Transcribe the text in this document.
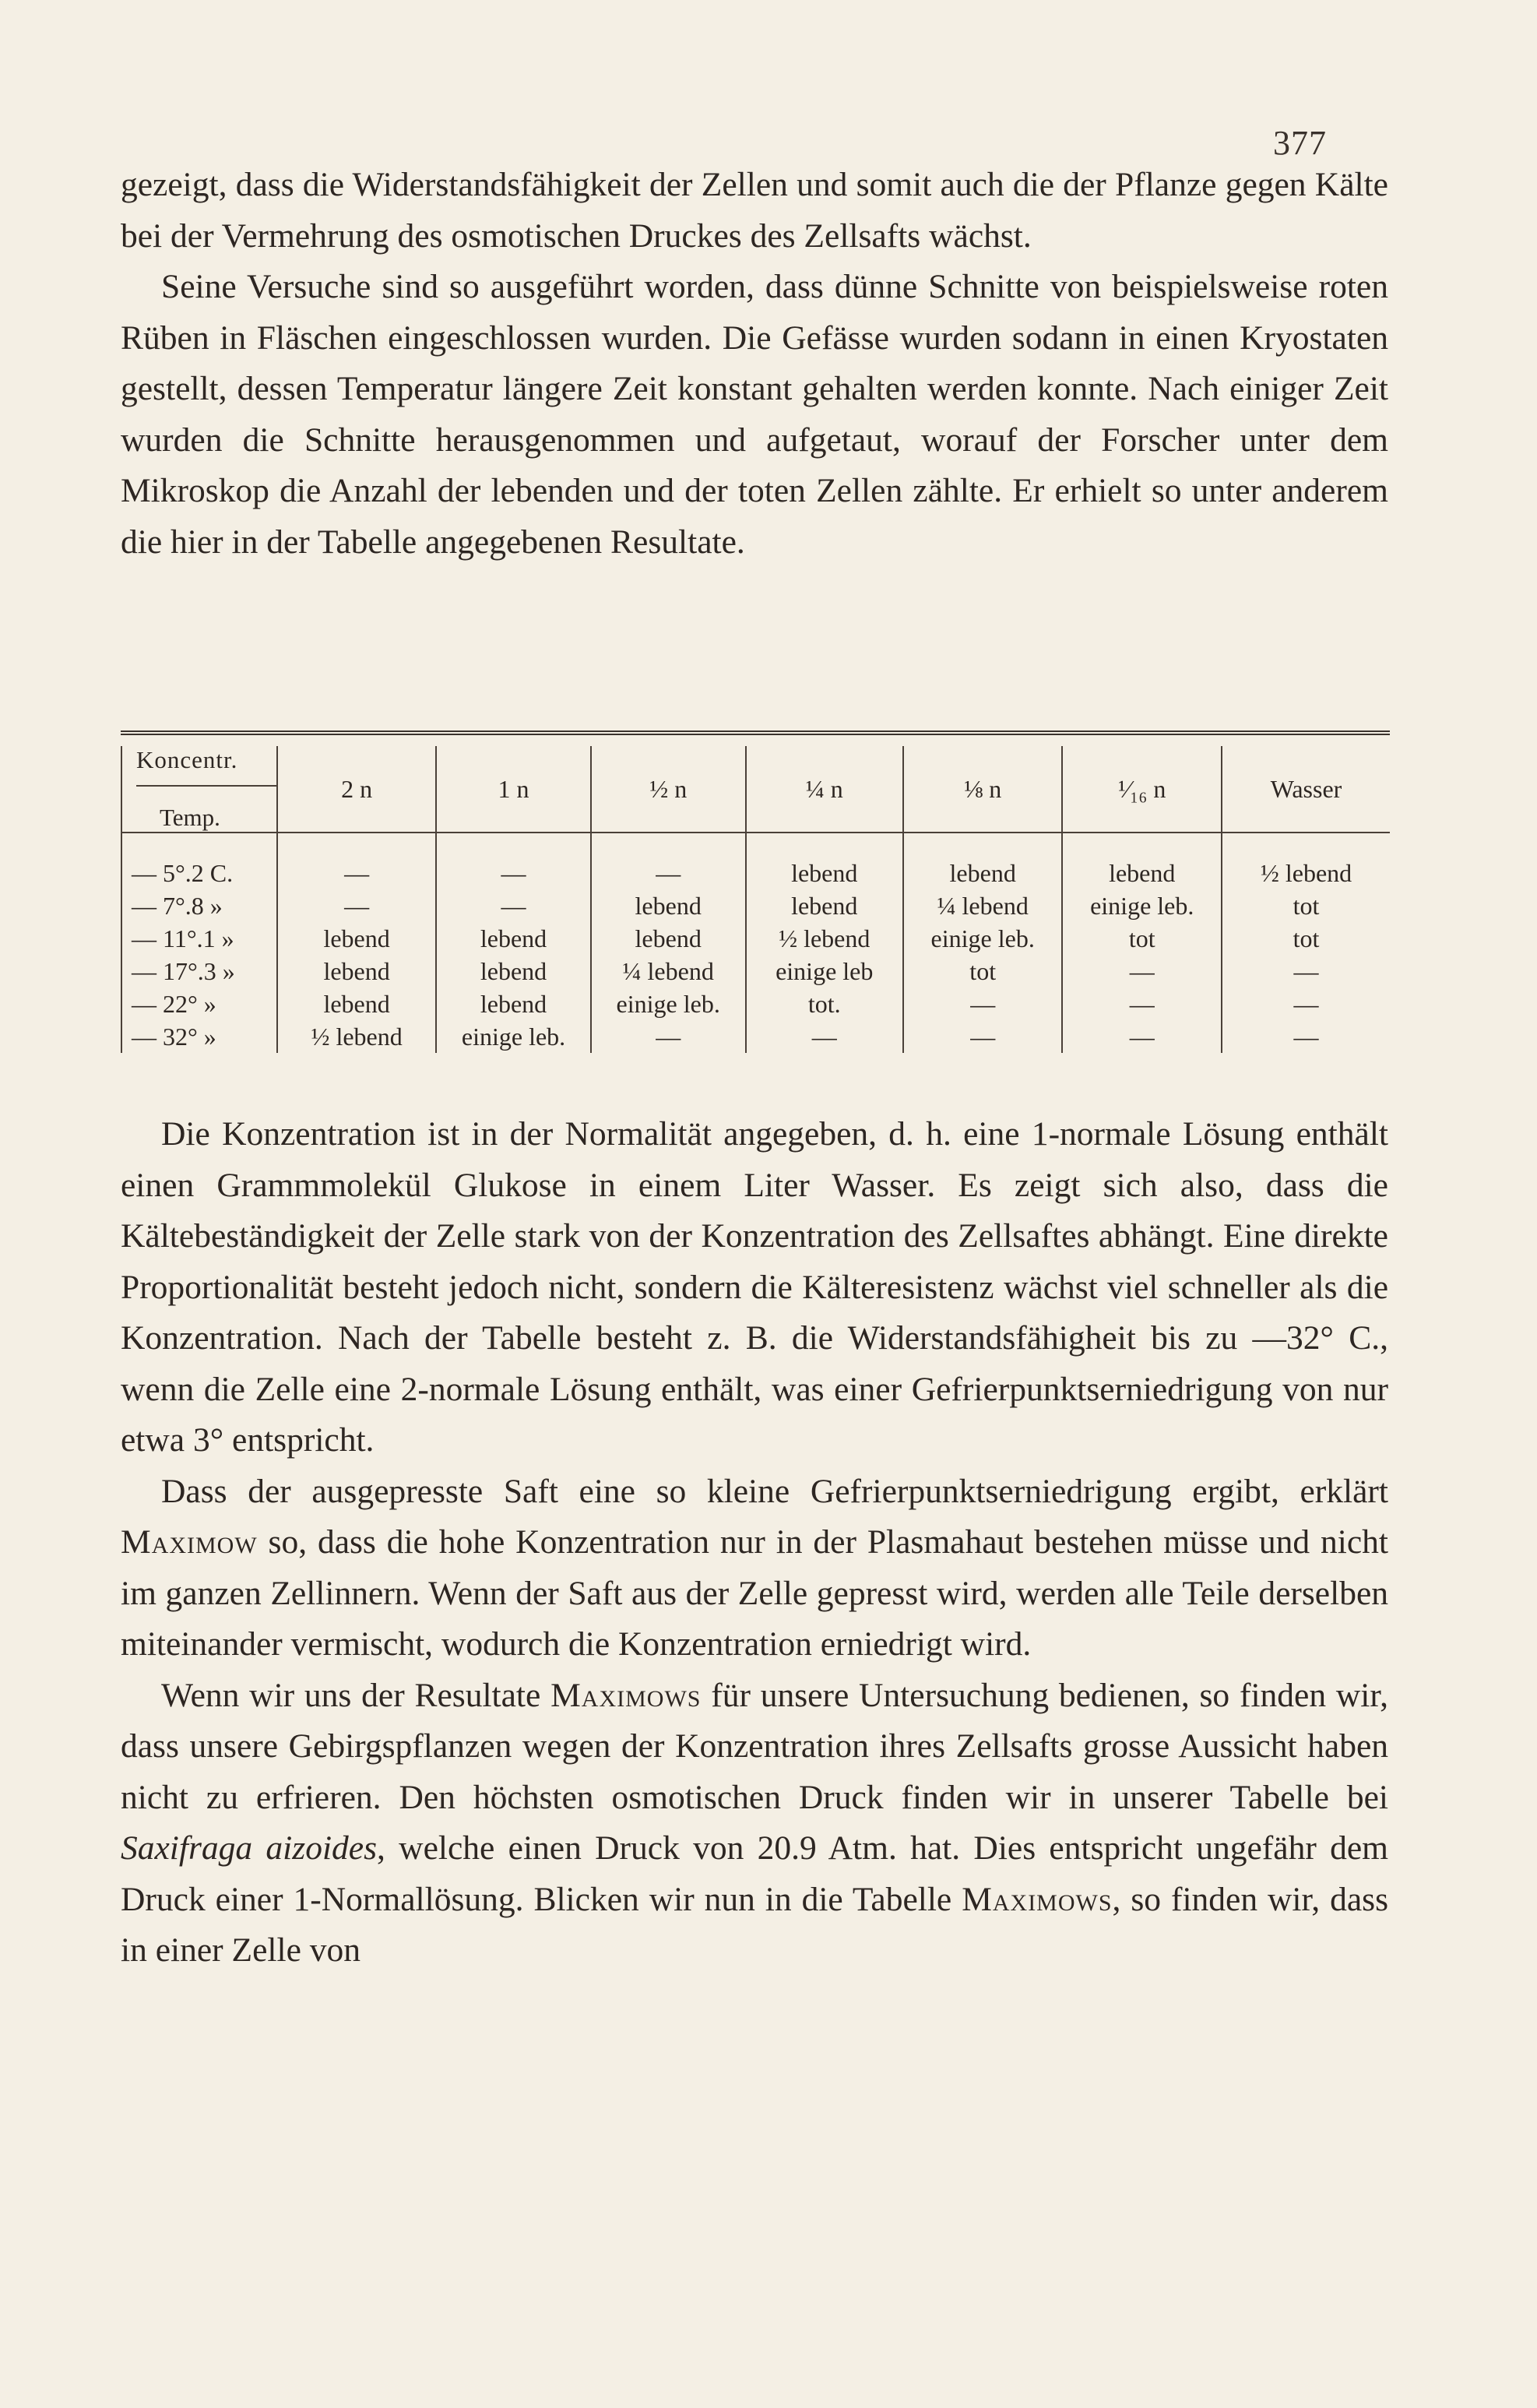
377

gezeigt, dass die Widerstandsfähigkeit der Zellen und somit auch die der Pflanze gegen Kälte bei der Vermehrung des osmotischen Druckes des Zellsafts wächst.

Seine Versuche sind so ausgeführt worden, dass dünne Schnitte von beispielsweise roten Rüben in Fläschen eingeschlossen wurden. Die Gefässe wurden sodann in einen Kryostaten gestellt, dessen Temperatur längere Zeit konstant gehalten werden konnte. Nach einiger Zeit wurden die Schnitte herausgenommen und aufgetaut, worauf der Forscher unter dem Mikroskop die Anzahl der lebenden und der toten Zellen zählte. Er erhielt so unter anderem die hier in der Tabelle angegebenen Resultate.

Koncentr.
Temp.	2 n	1 n	½ n	¼ n	⅛ n	¹⁄₁₆ n	Wasser

— 5°.2 C.	—	—	—	lebend	lebend	lebend	½ lebend
— 7°.8 »	—	—	lebend	lebend	¼ lebend	einige leb.	tot
— 11°.1 »	lebend	lebend	lebend	½ lebend	einige leb.	tot	tot
— 17°.3 »	lebend	lebend	¼ lebend	einige leb	tot	—	—
— 22° »	lebend	lebend	einige leb.	tot.	—	—	—
— 32° »	½ lebend	einige leb.	—	—	—	—	—

Die Konzentration ist in der Normalität angegeben, d. h. eine 1-normale Lösung enthält einen Grammmolekül Glukose in einem Liter Wasser. Es zeigt sich also, dass die Kältebeständigkeit der Zelle stark von der Konzentration des Zellsaftes abhängt. Eine direkte Proportionalität besteht jedoch nicht, sondern die Kälteresistenz wächst viel schneller als die Konzentration. Nach der Tabelle besteht z. B. die Widerstandsfähigheit bis zu —32° C., wenn die Zelle eine 2-normale Lösung enthält, was einer Gefrierpunktserniedrigung von nur etwa 3° entspricht.

Dass der ausgepresste Saft eine so kleine Gefrierpunktserniedrigung ergibt, erklärt Maximow so, dass die hohe Konzentration nur in der Plasmahaut bestehen müsse und nicht im ganzen Zellinnern. Wenn der Saft aus der Zelle gepresst wird, werden alle Teile derselben miteinander vermischt, wodurch die Konzentration erniedrigt wird.

Wenn wir uns der Resultate Maximows für unsere Untersuchung bedienen, so finden wir, dass unsere Gebirgspflanzen wegen der Konzentration ihres Zellsafts grosse Aussicht haben nicht zu erfrieren. Den höchsten osmotischen Druck finden wir in unserer Tabelle bei Saxifraga aizoides, welche einen Druck von 20.9 Atm. hat. Dies entspricht ungefähr dem Druck einer 1-Normallösung. Blicken wir nun in die Tabelle Maximows, so finden wir, dass in einer Zelle von
